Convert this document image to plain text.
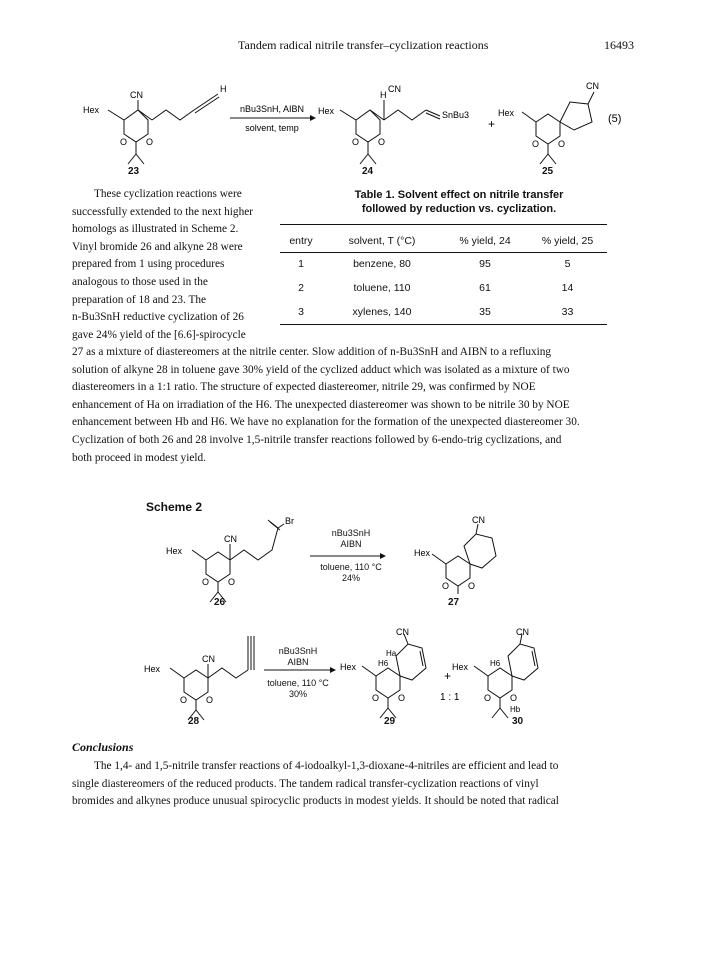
Tandem radical nitrile transfer–cyclization reactions	16493
Hex
CN
H
O O
nBu3SnH, AIBN
solvent, temp
Hex
H
CN
SnBu3
O O
+
Hex
CN
O O
(5)
23	24	25
These cyclization reactions were
successfully extended to the next higher
homologs as illustrated in Scheme 2.
Vinyl bromide 26 and alkyne 28 were
prepared from 1 using procedures
analogous to those used in the
preparation of 18 and 23. The
n-Bu3SnH reductive cyclization of 26
gave 24% yield of the [6.6]-spirocycle
Table 1. Solvent effect on nitrile transfer
followed by reduction vs. cyclization.
entry	solvent, T (°C)	% yield, 24	% yield, 25
1	benzene, 80	95	5
2	toluene, 110	61	14
3	xylenes, 140	35	33
27 as a mixture of diastereomers at the nitrile center. Slow addition of n-Bu3SnH and AIBN to a refluxing
solution of alkyne 28 in toluene gave 30% yield of the cyclized adduct which was isolated as a mixture of two
diastereomers in a 1:1 ratio. The structure of expected diastereomer, nitrile 29, was confirmed by NOE
enhancement of Ha on irradiation of the H6. The unexpected diastereomer was shown to be nitrile 30 by NOE
enhancement between Hb and H6. We have no explanation for the formation of the unexpected diastereomer 30.
Cyclization of both 26 and 28 involve 1,5-nitrile transfer reactions followed by 6-endo-trig cyclizations, and
both proceed in modest yield.
Scheme 2
Hex
CN
Br
O O
Hex
CN
O O
nBu3SnH
AIBN
toluene, 110 °C
24%
26	27
Hex
CN
O O
Hex
CN
Ha
H6
O O
+
1 : 1
Hex
CN
H6
Hb
O O
nBu3SnH
AIBN
toluene, 110 °C
30%
28	29	30
Conclusions
The 1,4- and 1,5-nitrile transfer reactions of 4-iodoalkyl-1,3-dioxane-4-nitriles are efficient and lead to
single diastereomers of the reduced products. The tandem radical transfer-cyclization reactions of vinyl
bromides and alkynes produce unusual spirocyclic products in modest yields. It should be noted that radical
